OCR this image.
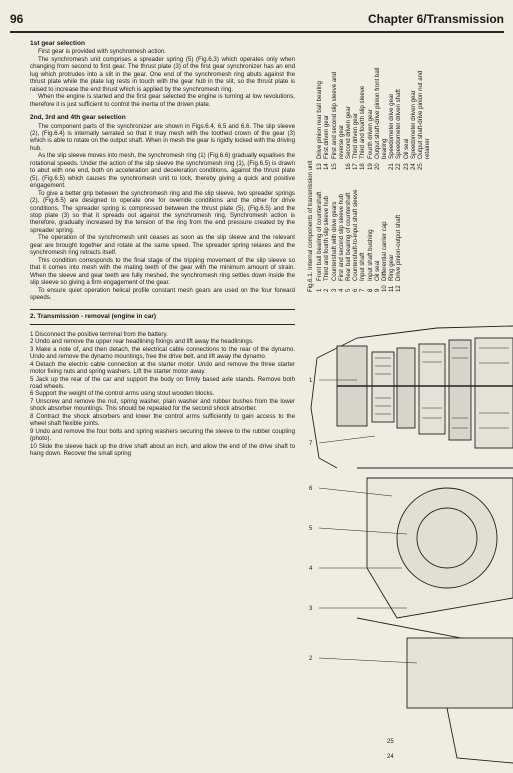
96	Chapter 6/Transmission
1st gear selection

First gear is provided with synchromesh action.

The synchromesh unit comprises a spreader spring (5) (Fig.6.3) which operates only when changing from second to first gear. The thrust plate (3) of the first gear synchronizer has an end lug which protrudes into a slit in the gear. One end of the synchromesh ring abuts against the thrust plate while the plate lug rests in touch with the gear hub in the slit, so the thrust plate is raised to increase the end thrust which is applied by the synchromesh ring.

When the engine is started and the first gear selected the engine is turning at low revolutions, therefore it is just sufficient to control the inertia of the driven plate.

2nd, 3rd and 4th gear selection

The component parts of the synchronizer are shown in Figs.6.4, 6.5 and 6.6. The slip sleeve (2), (Fig.6.4) is internally serrated so that it may mesh with the toothed crown of the gear (3) which is able to rotate on the output shaft. When in mesh the gear is rigidly locked with the driving hub.

As the slip sleeve moves into mesh, the synchromesh ring (1) (Fig.6.6) gradually equalises the rotational speeds. Under the action of the slip sleeve the synchromesh ring (1), (Fig.6.5) is drawn to abut with one end, both on acceleration and deceleration conditions, against the thrust plate (5), (Fig.6.5) which causes the synchromesh unit to lock, thereby giving a quick and positive engagement.

To give a better grip between the synchromesh ring and the slip sleeve, two spreader springs (2), (Fig.6.5) are designed to operate one for override conditions and the other for drive conditions. The spreader spring is compressed between the thrust plate (5), (Fig.6.5) and the stop plate (3) so that it spreads out against the synchromesh ring. Synchromesh action is therefore, gradually increased by the tension of the ring from the end pressure created by the spreader spring.

The operation of the synchromesh unit ceases as soon as the slip sleeve and the relevant gear are brought together and rotate at the same speed. The spreader spring relaxes and the synchromesh ring retracts itself.

This condition corresponds to the final stage of the tripping movement of the slip sleeve so that it comes into mesh with the mating teeth of the gear with the minimum amount of strain. When the sleeve and gear teeth are fully meshed, the synchromesh ring settles down inside the slip sleeve so giving a firm engagement of the gear.

To ensure quiet operation helical profile constant mesh gears are used on the four forward speeds.

2. Transmission - removal (engine in car)

1 Disconnect the positive terminal from the battery.

2 Undo and remove the upper rear headlining fixings and lift away the headlinings.

3 Make a note of, and then detach, the electrical cable connections to the rear of the dynamo. Undo and remove the dynamo mountings, free the drive belt, and lift away the dynamo.

4 Detach the electric cable connection at the starter motor. Undo and remove the three starter motor fixing nuts and spring washers. Lift the starter motor away.

5 Jack up the rear of the car and support the body on firmly based axle stands. Remove both road wheels.

6 Support the weight of the control arms using stout wooden blocks.

7 Unscrew and remove the nut, spring washer, plain washer and rubber bushes from the lower shock absorber mountings. This should be repeated for the second shock absorber.

8 Contract the shock absorbers and lower the control arms sufficiently to gain access to the wheel shaft flexible joints.

9 Undo and remove the four bolts and spring washers securing the sleeve to the rubber coupling (photo).

10 Slide the sleeve back up the drive shaft about an inch, and allow the end of the drive shaft to hang down. Recover the small spring

Fig.6.1. Internal components of transmission unit 1
Front ball bearing of countershaft
2
Third and fourth slip sleeve hub
3
Countershaft with drive gears
4
First and second slip sleeve hub
5
Rear ball bearing of countershaft
6
Countershaft-to-input shaft sleeve
7
Input shaft
8
Input shaft bushing
9
Oil seal
10
Differential carrier cap
11
Ring gear
12
Drive pinion-output shaft
13
Drive pinion rear ball bearing
14
First driven gear
15
First and second slip sleeve and reverse gear
16
Second driven gear
17
Third driven gear
18
Third and fourth slip sleeve
19
Fourth driven gear
20
Output shaft-drive pinion front ball bearing
21
Speedometer drive gear
22
Speedometer driven shaft
23
Oil seal
24
Speedometer driven gear
25
Output shaft-drive pinion nut and retainer
1
7
6
5
4
3
2
25
24
